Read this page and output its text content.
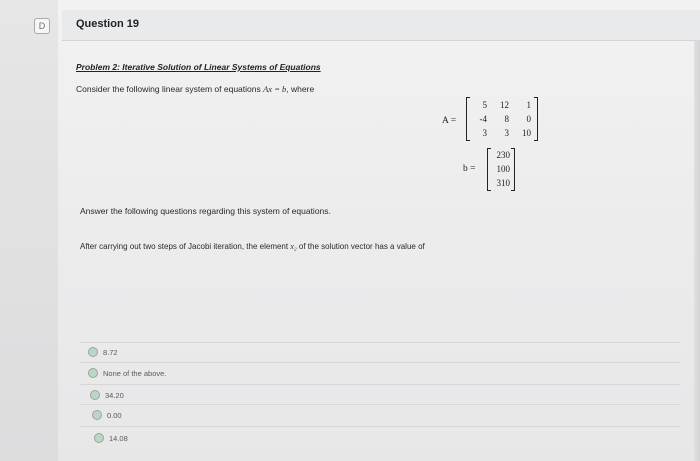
D	Question 19
Problem 2: Iterative Solution of Linear Systems of Equations
Consider the following linear system of equations Ax = b, where
A =
5	12	1
-4	8	0
3	3	10
b =
230
100
310
Answer the following questions regarding this system of equations.
After carrying out two steps of Jacobi iteration, the element x₂ of the solution vector has a value of
8.72
None of the above.
34.20
0.00
14.08
